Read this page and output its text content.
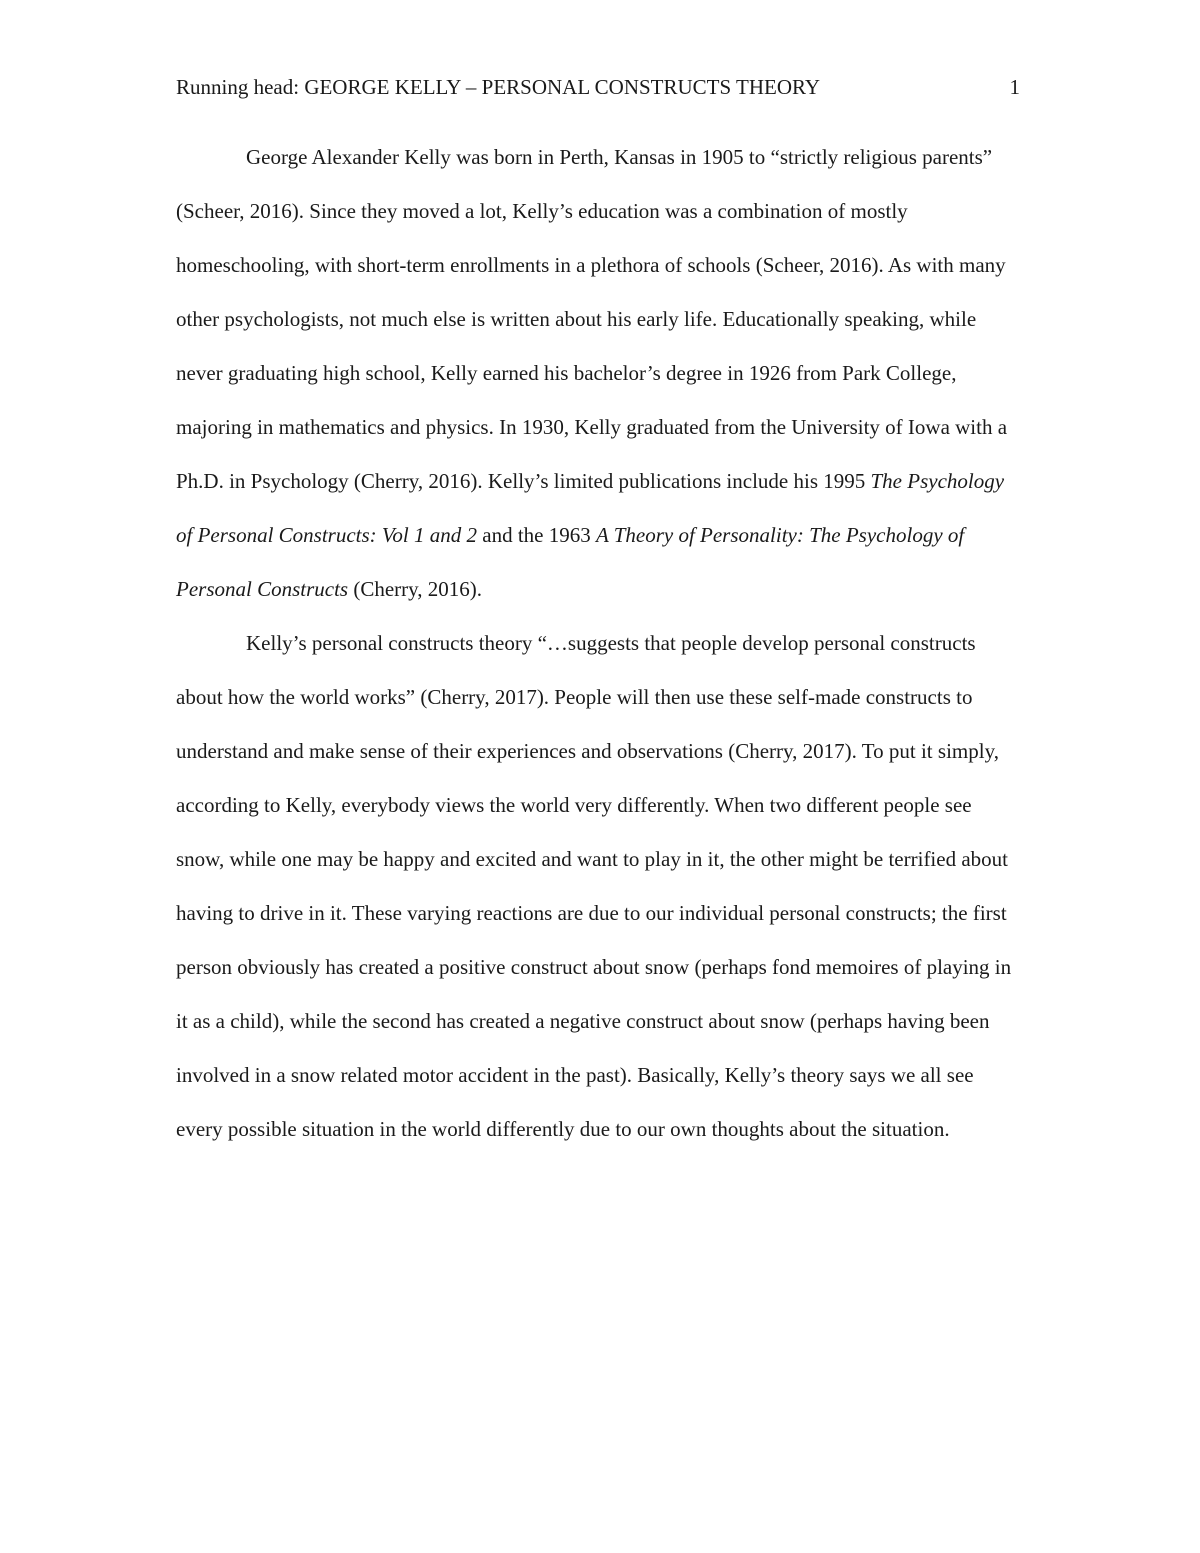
Running head: GEORGE KELLY – PERSONAL CONSTRUCTS THEORY	1

George Alexander Kelly was born in Perth, Kansas in 1905 to “strictly religious parents” (Scheer, 2016). Since they moved a lot, Kelly’s education was a combination of mostly homeschooling, with short-term enrollments in a plethora of schools (Scheer, 2016). As with many other psychologists, not much else is written about his early life. Educationally speaking, while never graduating high school, Kelly earned his bachelor’s degree in 1926 from Park College, majoring in mathematics and physics. In 1930, Kelly graduated from the University of Iowa with a Ph.D. in Psychology (Cherry, 2016). Kelly’s limited publications include his 1995 The Psychology of Personal Constructs: Vol 1 and 2 and the 1963 A Theory of Personality: The Psychology of Personal Constructs (Cherry, 2016).

Kelly’s personal constructs theory “…suggests that people develop personal constructs about how the world works” (Cherry, 2017). People will then use these self-made constructs to understand and make sense of their experiences and observations (Cherry, 2017). To put it simply, according to Kelly, everybody views the world very differently. When two different people see snow, while one may be happy and excited and want to play in it, the other might be terrified about having to drive in it. These varying reactions are due to our individual personal constructs; the first person obviously has created a positive construct about snow (perhaps fond memoires of playing in it as a child), while the second has created a negative construct about snow (perhaps having been involved in a snow related motor accident in the past). Basically, Kelly’s theory says we all see every possible situation in the world differently due to our own thoughts about the situation.
